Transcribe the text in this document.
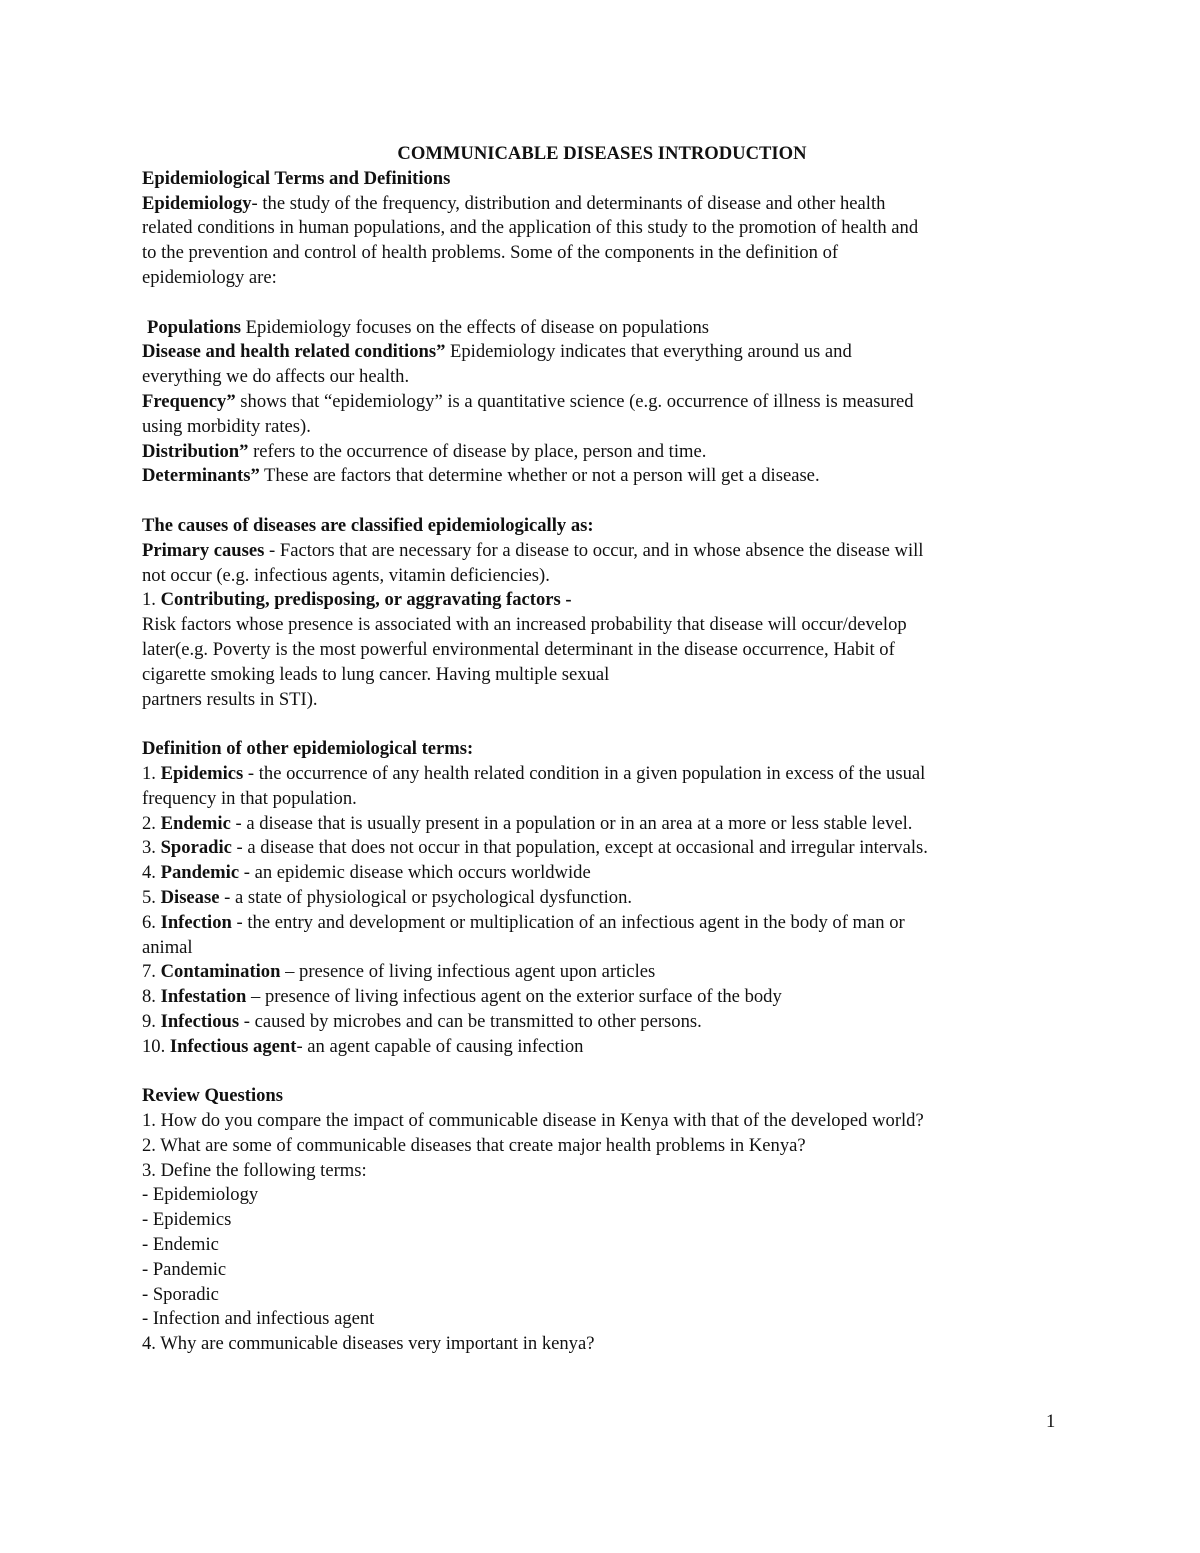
COMMUNICABLE DISEASES INTRODUCTION
Epidemiological Terms and Definitions
Epidemiology- the study of the frequency, distribution and determinants of disease and other health
related conditions in human populations, and the application of this study to the promotion of health and
to the prevention and control of health problems. Some of the components in the definition of
epidemiology are:
Populations Epidemiology focuses on the effects of disease on populations
Disease and health related conditions” Epidemiology indicates that everything around us and
everything we do affects our health.
Frequency” shows that “epidemiology” is a quantitative science (e.g. occurrence of illness is measured
using morbidity rates).
Distribution” refers to the occurrence of disease by place, person and time.
Determinants” These are factors that determine whether or not a person will get a disease.
The causes of diseases are classified epidemiologically as:
Primary causes - Factors that are necessary for a disease to occur, and in whose absence the disease will
not occur (e.g. infectious agents, vitamin deficiencies).
1. Contributing, predisposing, or aggravating factors -
Risk factors whose presence is associated with an increased probability that disease will occur/develop
later(e.g. Poverty is the most powerful environmental determinant in the disease occurrence, Habit of
cigarette smoking leads to lung cancer. Having multiple sexual
partners results in STI).
Definition of other epidemiological terms:
1. Epidemics - the occurrence of any health related condition in a given population in excess of the usual
frequency in that population.
2. Endemic - a disease that is usually present in a population or in an area at a more or less stable level.
3. Sporadic - a disease that does not occur in that population, except at occasional and irregular intervals.
4. Pandemic - an epidemic disease which occurs worldwide
5. Disease - a state of physiological or psychological dysfunction.
6. Infection - the entry and development or multiplication of an infectious agent in the body of man or
animal
7. Contamination – presence of living infectious agent upon articles
8. Infestation – presence of living infectious agent on the exterior surface of the body
9. Infectious - caused by microbes and can be transmitted to other persons.
10. Infectious agent- an agent capable of causing infection
Review Questions
1. How do you compare the impact of communicable disease in Kenya with that of the developed world?
2. What are some of communicable diseases that create major health problems in Kenya?
3. Define the following terms:
- Epidemiology
- Epidemics
- Endemic
- Pandemic
- Sporadic
- Infection and infectious agent
4. Why are communicable diseases very important in kenya?
1
